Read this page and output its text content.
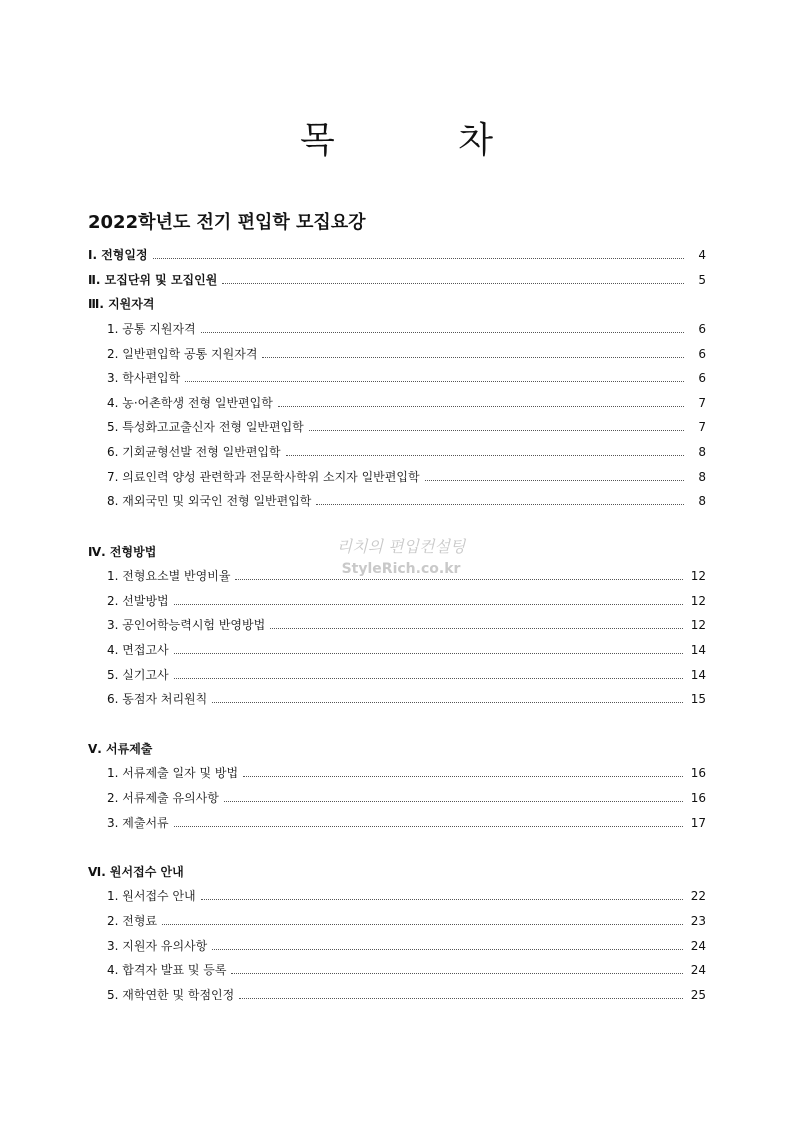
목 차
2022학년도 전기 편입학 모집요강
리치의 편입컨설팅
StyleRich.co.kr
Ⅰ. 전형일정	4
Ⅱ. 모집단위 및 모집인원	5
Ⅲ. 지원자격
1. 공통 지원자격	6
2. 일반편입학 공통 지원자격	6
3. 학사편입학	6
4. 농·어촌학생 전형 일반편입학	7
5. 특성화고교출신자 전형 일반편입학	7
6. 기회균형선발 전형 일반편입학	8
7. 의료인력 양성 관련학과 전문학사학위 소지자 일반편입학	8
8. 재외국민 및 외국인 전형 일반편입학	8
Ⅳ. 전형방법
1. 전형요소별 반영비율	12
2. 선발방법	12
3. 공인어학능력시험 반영방법	12
4. 면접고사	14
5. 실기고사	14
6. 동점자 처리원칙	15
Ⅴ. 서류제출
1. 서류제출 일자 및 방법	16
2. 서류제출 유의사항	16
3. 제출서류	17
Ⅵ. 원서접수 안내
1. 원서접수 안내	22
2. 전형료	23
3. 지원자 유의사항	24
4. 합격자 발표 및 등록	24
5. 재학연한 및 학점인정	25
